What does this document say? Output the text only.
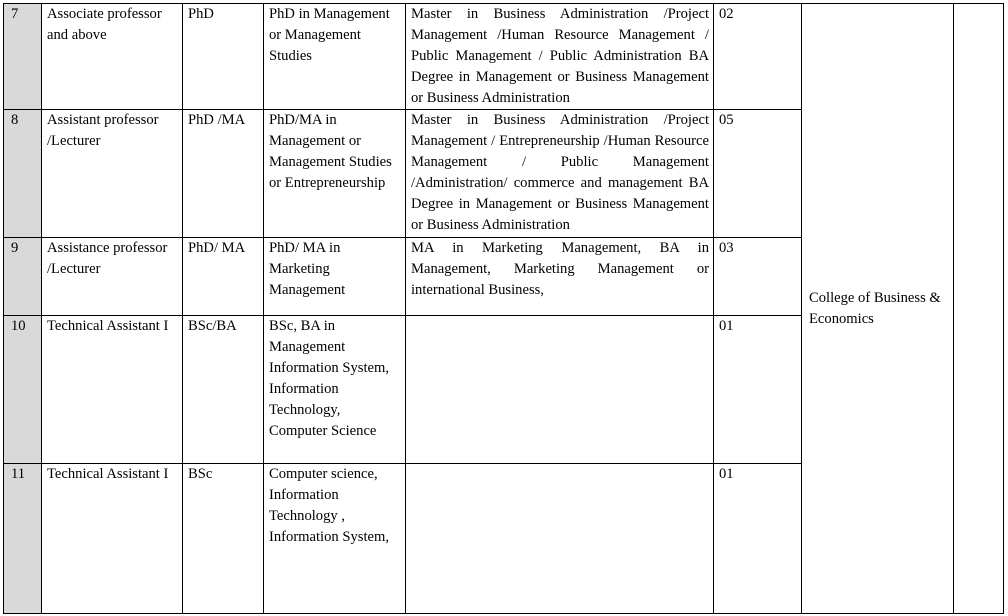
7	Associate professor and above	PhD	PhD in Management or Management Studies	Master in Business Administration /Project Management /Human Resource Management / Public Management / Public Administration BA Degree in Management or Business Management or Business Administration	02	College of Business & Economics	
8	Assistant professor /Lecturer	PhD /MA	PhD/MA in Management or Management Studies or Entrepreneurship	Master in Business Administration /Project Management / Entrepreneurship /Human Resource Management / Public Management /Administration/ commerce and management BA Degree in Management or Business Management or Business Administration	05		
9	Assistance professor /Lecturer	PhD/ MA	PhD/ MA in Marketing Management	MA in Marketing Management, BA in Management, Marketing Management or international Business,	03		
10	Technical Assistant I	BSc/BA	BSc, BA in Management Information System, Information Technology, Computer Science		01		
11	Technical Assistant I	BSc	Computer science, Information Technology , Information System,		01		
